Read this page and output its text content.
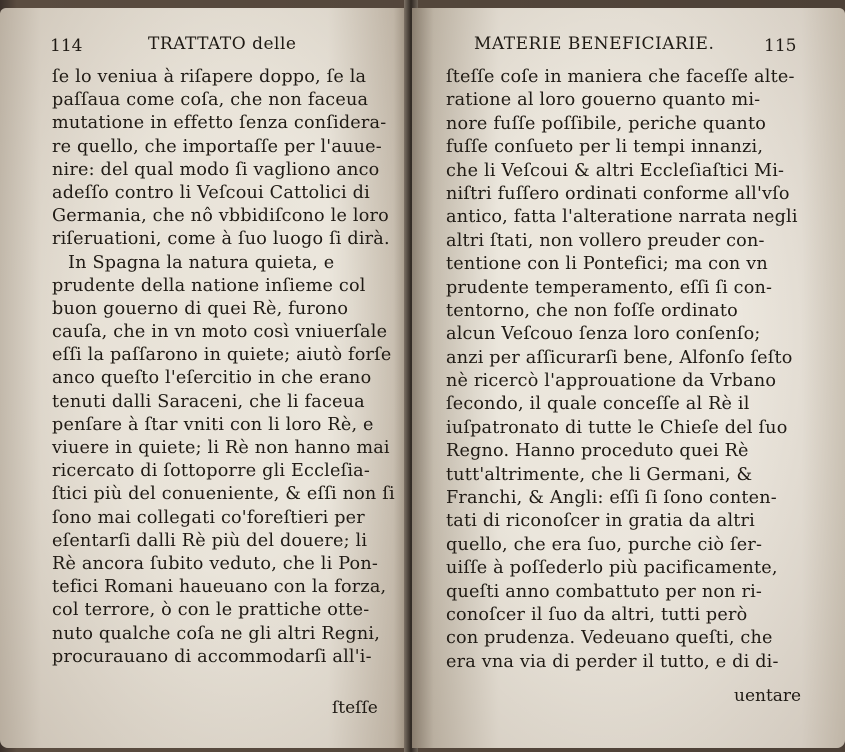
114	TRATTATO delle
ſe lo veniua à riſapere doppo, ſe la
paſſaua come coſa, che non faceua
mutatione in effetto ſenza conſidera-
re quello, che importaſſe per l'auue-
nire: del qual modo ſi vagliono anco
adeſſo contro li Veſcoui Cattolici di
Germania, che nô vbbidiſcono le loro
riſeruationi, come à ſuo luogo ſi dirà.
In Spagna la natura quieta, e
prudente della natione inſieme col
buon gouerno di quei Rè, furono
cauſa, che in vn moto così vniuerſale
eſſi la paſſarono in quiete; aiutò forſe
anco queſto l'eſercitio in che erano
tenuti dalli Saraceni, che li faceua
penſare à ſtar vniti con li loro Rè, e
viuere in quiete; li Rè non hanno mai
ricercato di ſottoporre gli Eccleſia-
ſtici più del conueniente, & eſſi non ſi
ſono mai collegati co'foreſtieri per
eſentarſi dalli Rè più del douere; li
Rè ancora ſubito veduto, che li Pon-
tefici Romani haueuano con la forza,
col terrore, ò con le prattiche otte-
nuto qualche coſa ne gli altri Regni,
procurauano di accommodarſi all'i-
ſteſſe
MATERIE BENEFICIARIE.	115
ſteſſe coſe in maniera che faceſſe alte-
ratione al loro gouerno quanto mi-
nore fuſſe poſſibile, periche quanto
fuſſe conſueto per li tempi innanzi,
che li Veſcoui & altri Eccleſiaſtici Mi-
niſtri fuſſero ordinati conforme all'vſo
antico, fatta l'alteratione narrata negli
altri ſtati, non vollero preuder con-
tentione con li Pontefici; ma con vn
prudente temperamento, eſſi ſi con-
tentorno, che non foſſe ordinato
alcun Veſcouo ſenza loro conſenſo;
anzi per aſſicurarſi bene, Alfonſo ſeſto
nè ricercò l'approuatione da Vrbano
ſecondo, il quale conceſſe al Rè il
iuſpatronato di tutte le Chieſe del ſuo
Regno. Hanno proceduto quei Rè
tutt'altrimente, che li Germani, &
Franchi, & Angli: eſſi ſi ſono conten-
tati di riconoſcer in gratia da altri
quello, che era ſuo, purche ciò ſer-
uiſſe à poſſederlo più pacificamente,
queſti anno combattuto per non ri-
conoſcer il ſuo da altri, tutti però
con prudenza. Vedeuano queſti, che
era vna via di perder il tutto, e di di-
uentare
